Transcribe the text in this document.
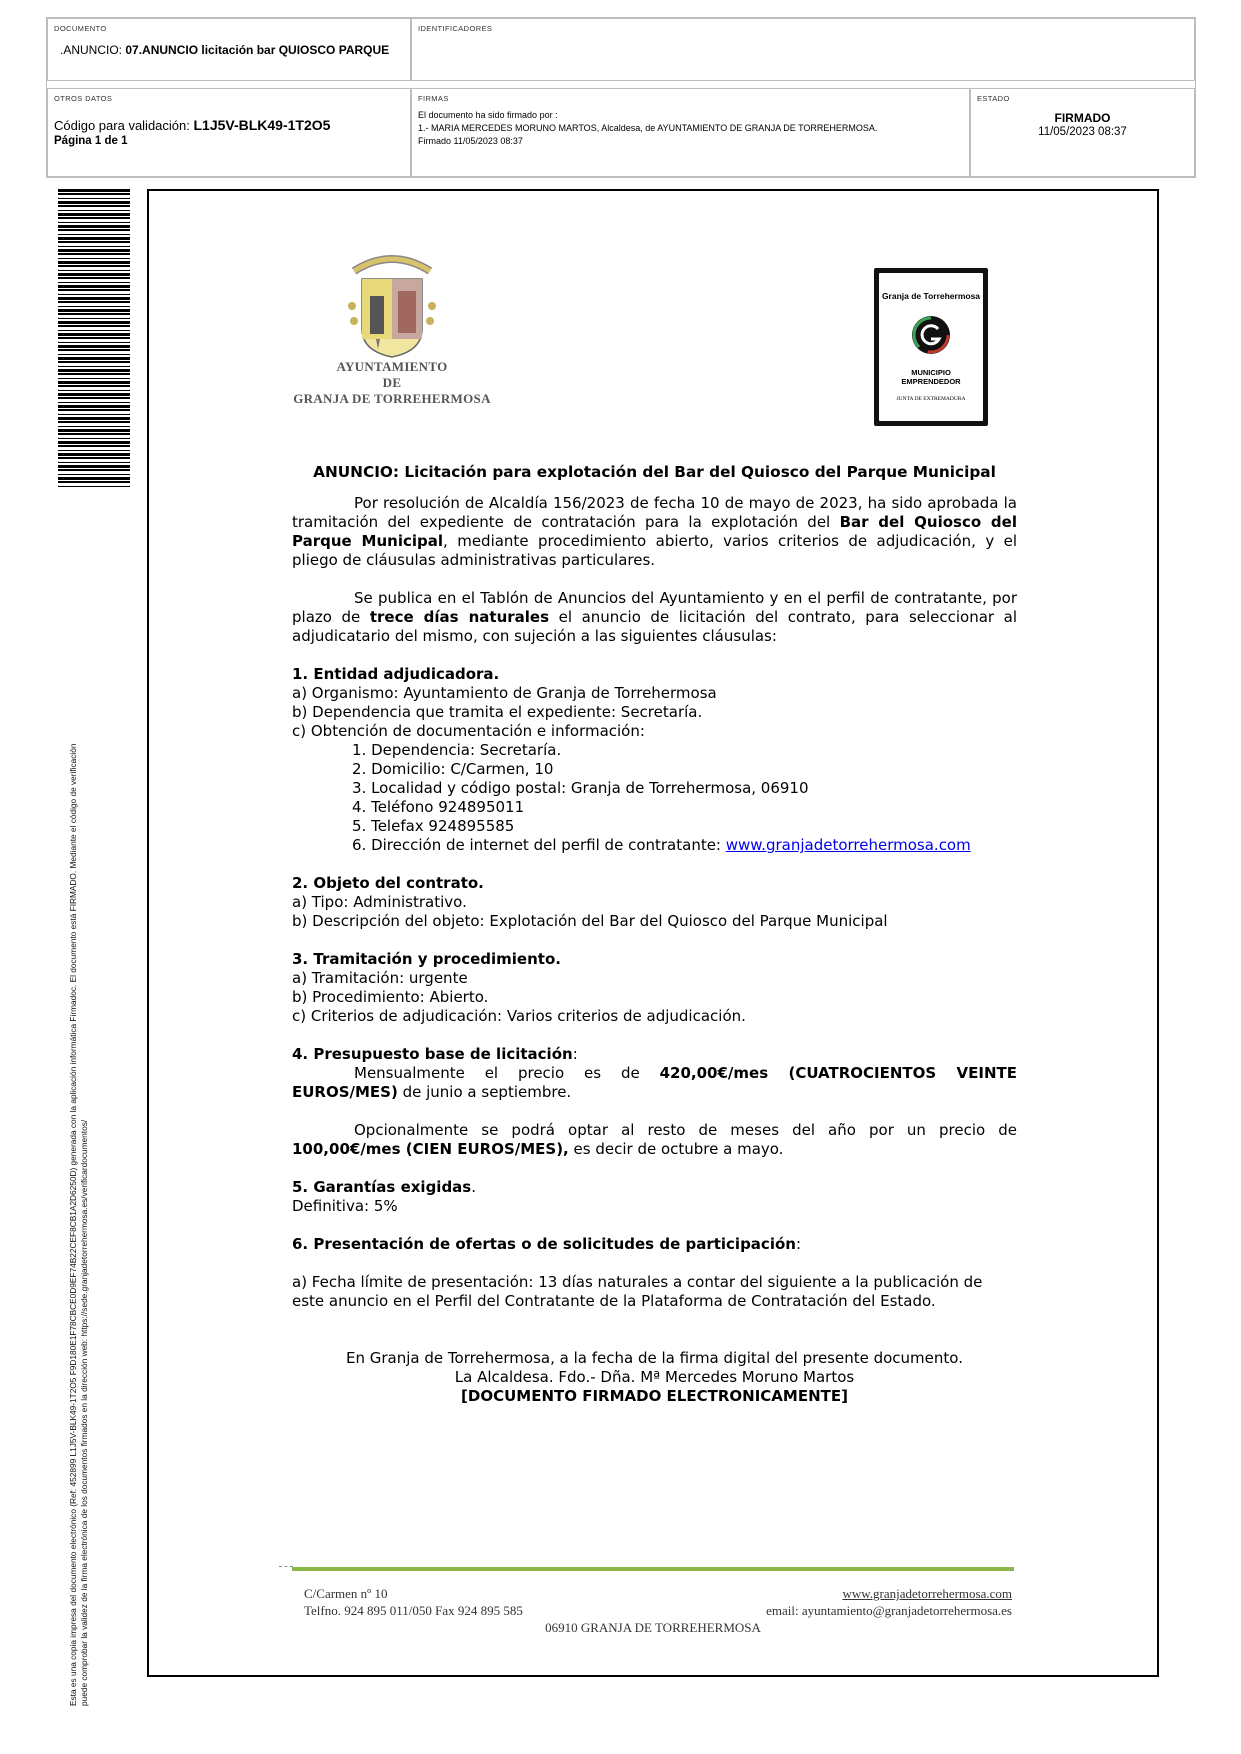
DOCUMENTO
.ANUNCIO: 07.ANUNCIO licitación bar QUIOSCO PARQUE
IDENTIFICADORES
OTROS DATOS
Código para validación: L1J5V-BLK49-1T2O5
Página 1 de 1
FIRMAS
El documento ha sido firmado por :
1.- MARIA MERCEDES MORUNO MARTOS, Alcaldesa, de AYUNTAMIENTO DE GRANJA DE TORREHERMOSA.
Firmado 11/05/2023 08:37
ESTADO
FIRMADO
11/05/2023 08:37
Esta es una copia impresa del documento electrónico (Ref: 452899 L1J5V-BLK49-1T2O5 F9D180E1F78CBCE0D9EF74B22CEF8CB1A2D6250D) generada con la aplicación informática Firmadoc. El documento está FIRMADO. Mediante el código de verificación puede comprobar la validez de la firma electrónica de los documentos firmados en la dirección web: https://sede.granjadetorrehermosa.es/verificardocumentos/
AYUNTAMIENTO
DE
GRANJA DE TORREHERMOSA
Granja de Torrehermosa
MUNICIPIO
EMPRENDEDOR
JUNTA DE EXTREMADURA
ANUNCIO: Licitación para explotación del Bar del Quiosco del Parque Municipal

Por resolución de Alcaldía 156/2023 de fecha 10 de mayo de 2023, ha sido aprobada la tramitación del expediente de contratación para la explotación del Bar del Quiosco del Parque Municipal, mediante procedimiento abierto, varios criterios de adjudicación, y el pliego de cláusulas administrativas particulares.

Se publica en el Tablón de Anuncios del Ayuntamiento y en el perfil de contratante, por plazo de trece días naturales el anuncio de licitación del contrato, para seleccionar al adjudicatario del mismo, con sujeción a las siguientes cláusulas:

1. Entidad adjudicadora.
a) Organismo: Ayuntamiento de Granja de Torrehermosa
b) Dependencia que tramita el expediente: Secretaría.
c) Obtención de documentación e información:
1. Dependencia: Secretaría.
2. Domicilio: C/Carmen, 10
3. Localidad y código postal: Granja de Torrehermosa, 06910
4. Teléfono 924895011
5. Telefax 924895585
6. Dirección de internet del perfil de contratante: www.granjadetorrehermosa.com
2. Objeto del contrato.
a) Tipo: Administrativo.
b) Descripción del objeto: Explotación del Bar del Quiosco del Parque Municipal
3. Tramitación y procedimiento.
a) Tramitación: urgente
b) Procedimiento: Abierto.
c) Criterios de adjudicación: Varios criterios de adjudicación.
4. Presupuesto base de licitación:

Mensualmente el precio es de 420,00€/mes (CUATROCIENTOS VEINTE EUROS/MES) de junio a septiembre.

Opcionalmente se podrá optar al resto de meses del año por un precio de 100,00€/mes (CIEN EUROS/MES), es decir de octubre a mayo.

5. Garantías exigidas.
Definitiva: 5%
6. Presentación de ofertas o de solicitudes de participación:
a) Fecha límite de presentación: 13 días naturales a contar del siguiente a la publicación de este anuncio en el Perfil del Contratante de la Plataforma de Contratación del Estado.
En Granja de Torrehermosa, a la fecha de la firma digital del presente documento.
La Alcaldesa. Fdo.- Dña. Mª Mercedes Moruno Martos
[DOCUMENTO FIRMADO ELECTRONICAMENTE]
C/Carmen nº 10	www.granjadetorrehermosa.com
Telfno. 924 895 011/050 Fax 924 895 585	email: ayuntamiento@granjadetorrehermosa.es
06910 GRANJA DE TORREHERMOSA
